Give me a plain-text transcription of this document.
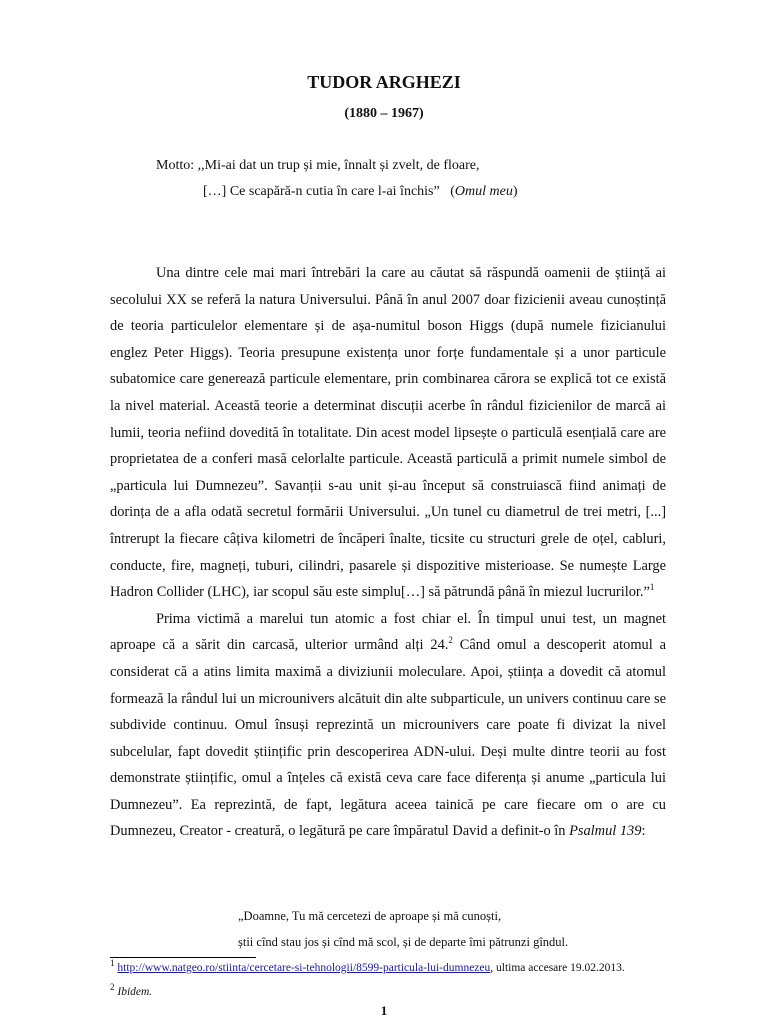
TUDOR ARGHEZI
(1880 – 1967)
Motto: ,,Mi-ai dat un trup și mie, înnalt și zvelt, de floare,
[…] Ce scapără-n cutia în care l-ai închis” (Omul meu)

Una dintre cele mai mari întrebări la care au căutat să răspundă oamenii de știință ai secolului XX se referă la natura Universului. Până în anul 2007 doar fizicienii aveau cunoștință de teoria particulelor elementare și de așa-numitul boson Higgs (după numele fizicianului englez Peter Higgs). Teoria presupune existența unor forțe fundamentale și a unor particule subatomice care generează particule elementare, prin combinarea cărora se explică tot ce există la nivel material. Această teorie a determinat discuții acerbe în rândul fizicienilor de marcă ai lumii, teoria nefiind dovedită în totalitate. Din acest model lipsește o particulă esențială care are proprietatea de a conferi masă celorlalte particule. Această particulă a primit numele simbol de „particula lui Dumnezeu”. Savanții s-au unit și-au început să construiască fiind animați de dorința de a afla odată secretul formării Universului. „Un tunel cu diametrul de trei metri, [...] întrerupt la fiecare câțiva kilometri de încăperi înalte, ticsite cu structuri grele de oțel, cabluri, conducte, fire, magneți, tuburi, cilindri, pasarele și dispozitive misterioase. Se numește Large Hadron Collider (LHC), iar scopul său este simplu[…] să pătrundă până în miezul lucrurilor.”$^1$

Prima victimă a marelui tun atomic a fost chiar el. În timpul unui test, un magnet aproape că a sărit din carcasă, ulterior urmând alți 24.$^2$ Când omul a descoperit atomul a considerat că a atins limita maximă a diviziunii moleculare. Apoi, știința a dovedit că atomul formează la rândul lui un microunivers alcătuit din alte subparticule, un univers continuu care se subdivide continuu. Omul însuși reprezintă un microunivers care poate fi divizat la nivel subcelular, fapt dovedit științific prin descoperirea ADN-ului. Deși multe dintre teorii au fost demonstrate științific, omul a înțeles că există ceva care face diferența și anume „particula lui Dumnezeu”. Ea reprezintă, de fapt, legătura aceea tainică pe care fiecare om o are cu Dumnezeu, Creator - creatură, o legătură pe care împăratul David a definit-o în Psalmul 139:

„Doamne, Tu mă cercetezi de aproape și mă cunoști,
știi cînd stau jos și cînd mă scol, și de departe îmi pătrunzi gîndul.
$^1$ http://www.natgeo.ro/stiinta/cercetare-si-tehnologii/8599-particula-lui-dumnezeu, ultima accesare 19.02.2013.
$^2$ Ibidem.
1
